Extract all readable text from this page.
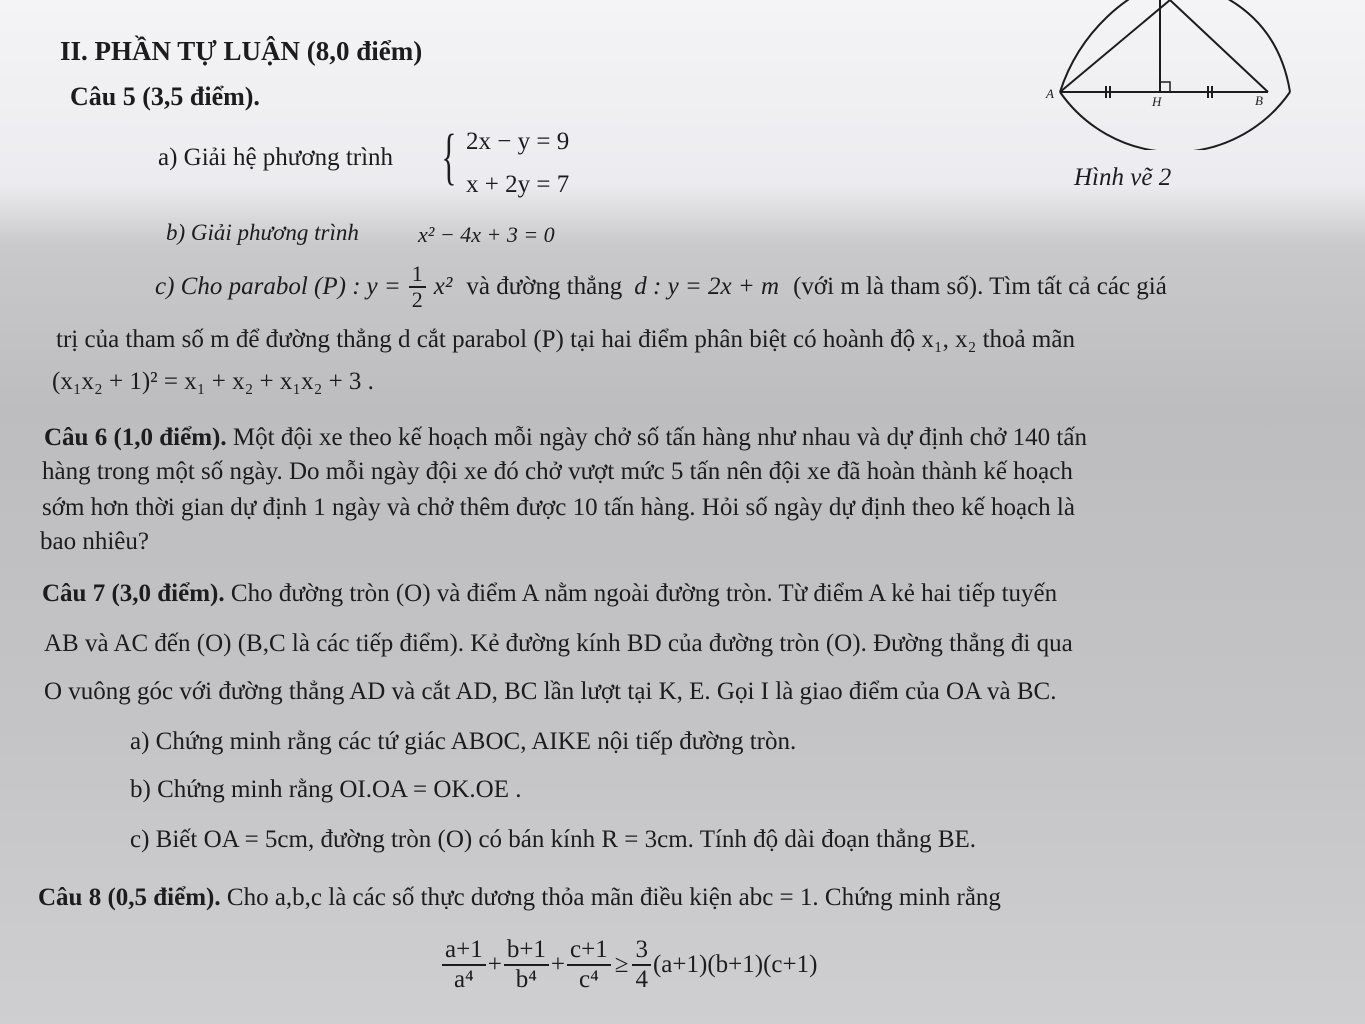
A
H	B
Hình vẽ 2
II. PHẦN TỰ LUẬN (8,0 điểm)
Câu 5 (3,5 điểm).
a) Giải hệ phương trình { 2x − y = 9
x + 2y = 7
b) Giải phương trình	x² − 4x + 3 = 0
c) Cho parabol (P) : $y = \frac{1}{2} x^2$ và đường thẳng d : y = 2x + m (với m là tham số). Tìm tất cả các giá
trị của tham số m để đường thẳng d cắt parabol (P) tại hai điểm phân biệt có hoành độ x₁, x₂ thoả mãn
(x₁x₂ + 1)² = x₁ + x₂ + x₁x₂ + 3 .
Câu 6 (1,0 điểm). Một đội xe theo kế hoạch mỗi ngày chở số tấn hàng như nhau và dự định chở 140 tấn
hàng trong một số ngày. Do mỗi ngày đội xe đó chở vượt mức 5 tấn nên đội xe đã hoàn thành kế hoạch
sớm hơn thời gian dự định 1 ngày và chở thêm được 10 tấn hàng. Hỏi số ngày dự định theo kế hoạch là
bao nhiêu?
Câu 7 (3,0 điểm). Cho đường tròn (O) và điểm A nằm ngoài đường tròn. Từ điểm A kẻ hai tiếp tuyến
AB và AC đến (O) (B,C là các tiếp điểm). Kẻ đường kính BD của đường tròn (O). Đường thẳng đi qua
O vuông góc với đường thẳng AD và cắt AD, BC lần lượt tại K, E. Gọi I là giao điểm của OA và BC.
a) Chứng minh rằng các tứ giác ABOC, AIKE nội tiếp đường tròn.
b) Chứng minh rằng OI.OA = OK.OE .
c) Biết OA = 5cm, đường tròn (O) có bán kính R = 3cm. Tính độ dài đoạn thẳng BE.
Câu 8 (0,5 điểm). Cho a,b,c là các số thực dương thỏa mãn điều kiện abc = 1. Chứng minh rằng
$\frac{a+1}{\text{a⁴}} + \frac{b+1}{\text{b⁴}} + \frac{c+1}{\text{c⁴}} \ge \frac{3}{4} (a+1)(b+1)(c+1)$
